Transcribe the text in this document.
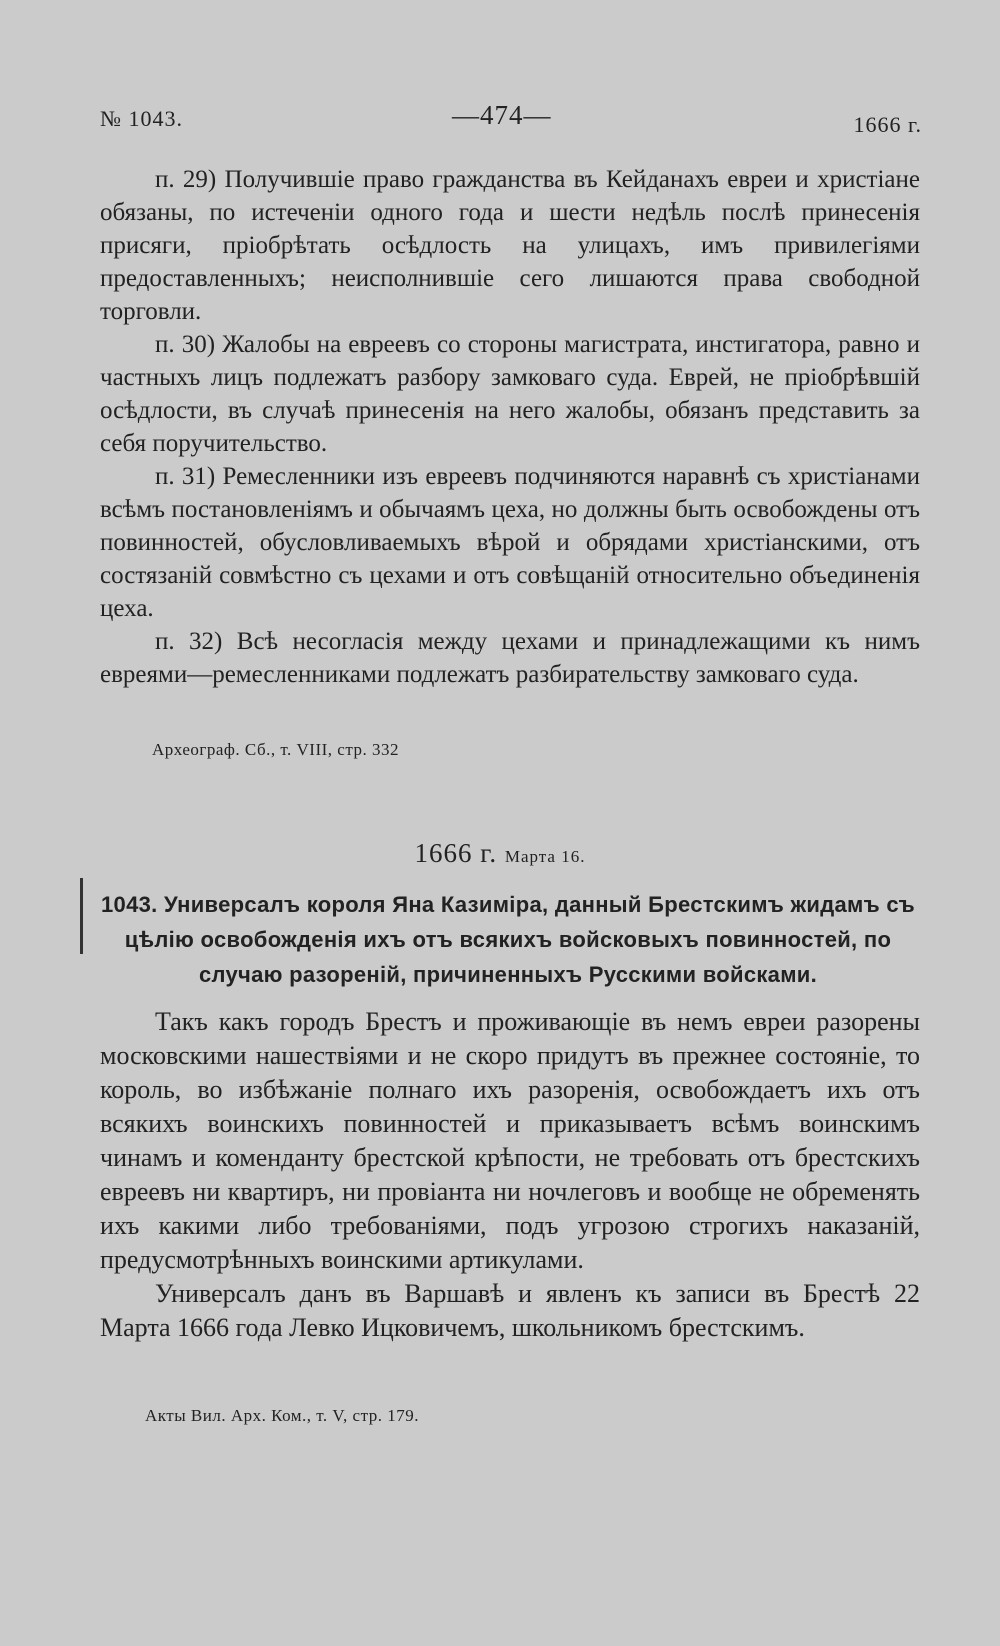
№ 1043.	—474—	1666 г.

п. 29) Получившіе право гражданства въ Кейданахъ евреи и христіане обязаны, по истеченіи одного года и шести недѣль послѣ принесенія присяги, пріобрѣтать осѣдлость на улицахъ, имъ привилегіями предоставленныхъ; неисполнившіе сего лишаются права свободной торговли.

п. 30) Жалобы на евреевъ со стороны магистрата, инстигатора, равно и частныхъ лицъ подлежатъ разбору замковаго суда. Еврей, не пріобрѣвшій осѣдлости, въ случаѣ принесенія на него жалобы, обязанъ представить за себя поручительство.

п. 31) Ремесленники изъ евреевъ подчиняются наравнѣ съ христіанами всѣмъ постановленіямъ и обычаямъ цеха, но должны быть освобождены отъ повинностей, обусловливаемыхъ вѣрой и обрядами христіанскими, отъ состязаній совмѣстно съ цехами и отъ совѣщаній относительно объединенія цеха.

п. 32) Всѣ несогласія между цехами и принадлежащими къ нимъ евреями—ремесленниками подлежатъ разбирательству замковаго суда.

Археограф. Сб., т. VIII, стр. 332
1666 г. Марта 16.
1043. Универсалъ короля Яна Казиміра, данный Брестскимъ жидамъ съ цѣлію освобожденія ихъ отъ всякихъ войсковыхъ повинностей, по случаю разореній, причиненныхъ Русскими войсками.

Такъ какъ городъ Брестъ и проживающіе въ немъ евреи разорены московскими нашествіями и не скоро придутъ въ прежнее состояніе, то король, во избѣжаніе полнаго ихъ разоренія, освобождаетъ ихъ отъ всякихъ воинскихъ повинностей и приказываетъ всѣмъ воинскимъ чинамъ и коменданту брестской крѣпости, не требовать отъ брестскихъ евреевъ ни квартиръ, ни провіанта ни ночлеговъ и вообще не обременять ихъ какими либо требованіями, подъ угрозою строгихъ наказаній, предусмотрѣнныхъ воинскими артикулами.

Универсалъ данъ въ Варшавѣ и явленъ къ записи въ Брестѣ 22 Марта 1666 года Левко Ицковичемъ, школьникомъ брестскимъ.

Акты Вил. Арх. Ком., т. V, стр. 179.
